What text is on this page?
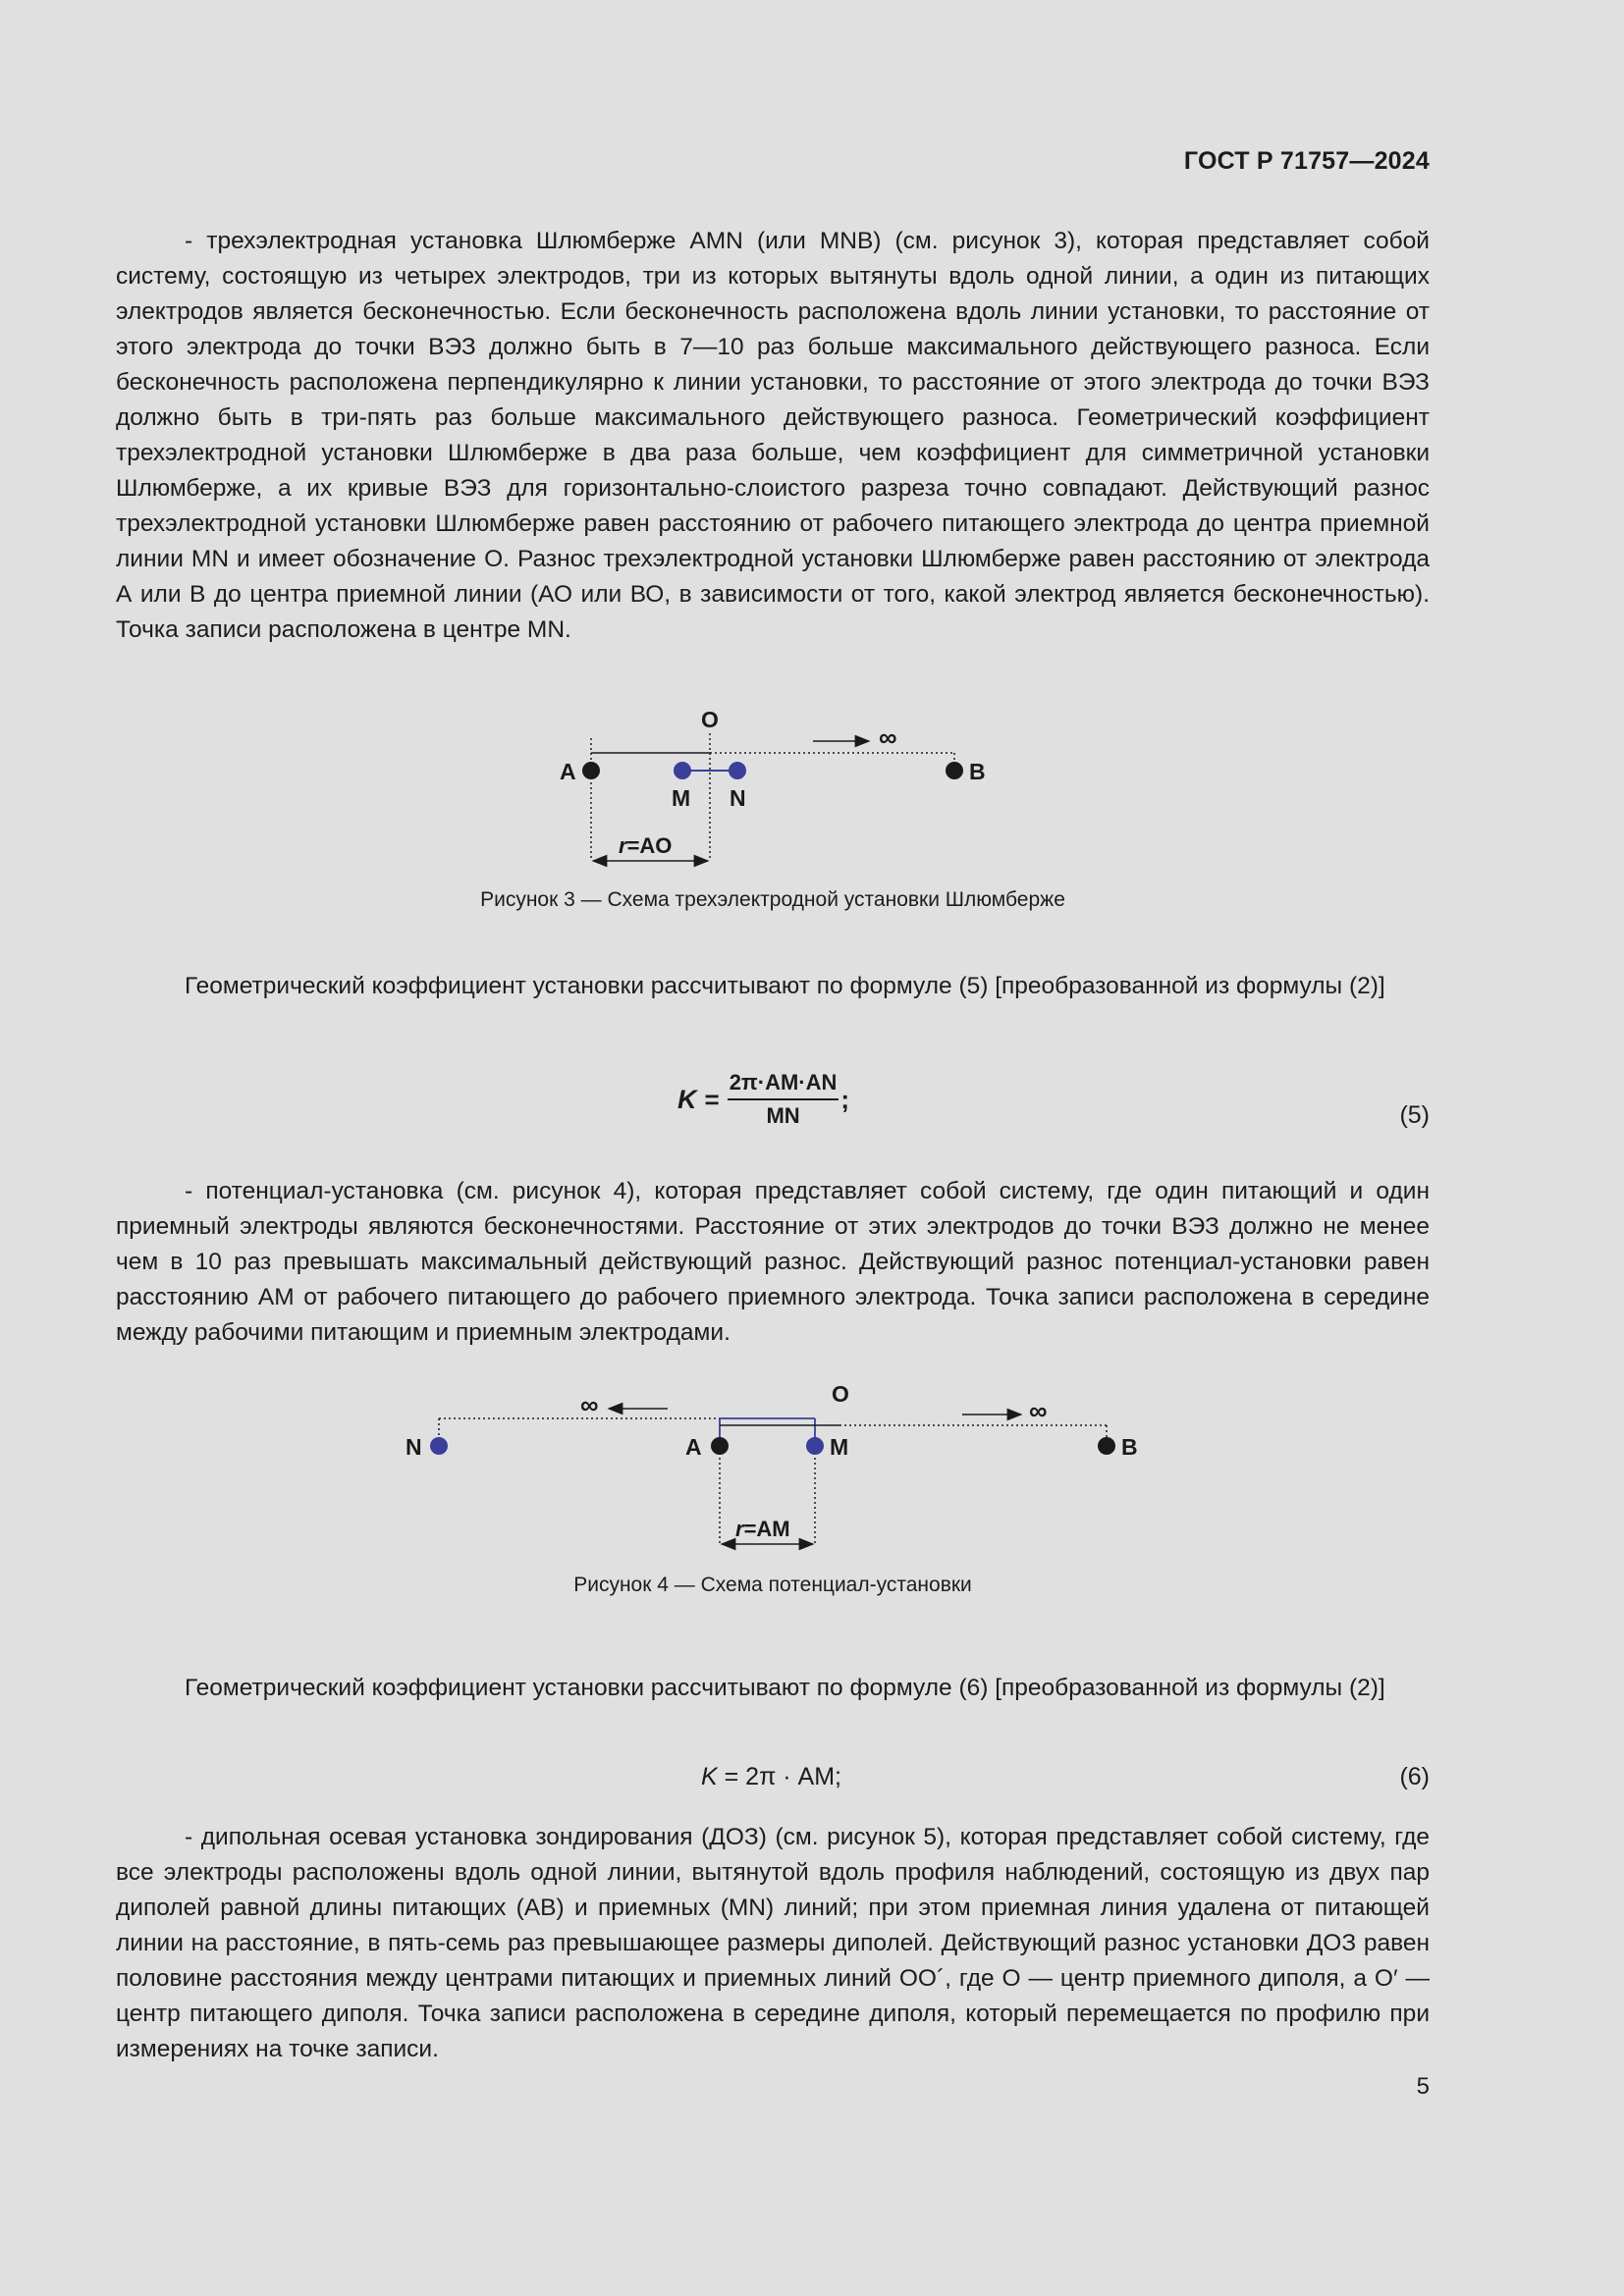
ГОСТ Р 71757—2024

- трехэлектродная установка Шлюмберже AMN (или MNB) (см. рисунок 3), которая представляет собой систему, состоящую из четырех электродов, три из которых вытянуты вдоль одной линии, а один из питающих электродов является бесконечностью. Если бесконечность расположена вдоль линии установки, то расстояние от этого электрода до точки ВЭЗ должно быть в 7—10 раз больше максимального действующего разноса. Если бесконечность расположена перпендикулярно к линии установки, то расстояние от этого электрода до точки ВЭЗ должно быть в три-пять раз больше максимального действующего разноса. Геометрический коэффициент трехэлектродной установки Шлюмберже в два раза больше, чем коэффициент для симметричной установки Шлюмберже, а их кривые ВЭЗ для горизонтально-слоистого разреза точно совпадают. Действующий разнос трехэлектродной установки Шлюмберже равен расстоянию от рабочего питающего электрода до центра приемной линии MN и имеет обозначение О. Разнос трехэлектродной установки Шлюмберже равен расстоянию от электрода А или В до центра приемной линии (АО или ВО, в зависимости от того, какой электрод является бесконечностью). Точка записи расположена в центре MN.

A
M N
B
O
∞
r=AO
Рисунок 3 — Схема трехэлектродной установки Шлюмберже

Геометрический коэффициент установки рассчитывают по формуле (5) [преобразованной из формулы (2)]

$K = \frac{2\pi\cdot AM\cdot AN}{MN}$ ;
(5)

- потенциал-установка (см. рисунок 4), которая представляет собой систему, где один питающий и один приемный электроды являются бесконечностями. Расстояние от этих электродов до точки ВЭЗ должно не менее чем в 10 раз превышать максимальный действующий разнос. Действующий разнос потенциал-установки равен расстоянию АМ от рабочего питающего до рабочего приемного электрода. Точка записи расположена в середине между рабочими питающим и приемным электродами.

N	A	M	B
O
∞	∞
r=AM
Рисунок 4 — Схема потенциал-установки

Геометрический коэффициент установки рассчитывают по формуле (6) [преобразованной из формулы (2)]

K = 2π · AM;	(6)

- дипольная осевая установка зондирования (ДОЗ) (см. рисунок 5), которая представляет собой систему, где все электроды расположены вдоль одной линии, вытянутой вдоль профиля наблюдений, состоящую из двух пар диполей равной длины питающих (АВ) и приемных (MN) линий; при этом приемная линия удалена от питающей линии на расстояние, в пять-семь раз превышающее размеры диполей. Действующий разнос установки ДОЗ равен половине расстояния между центрами питающих и приемных линий ОО´, где О — центр приемного диполя, а О′ — центр питающего диполя. Точка записи расположена в середине диполя, который перемещается по профилю при измерениях на точке записи.

5
